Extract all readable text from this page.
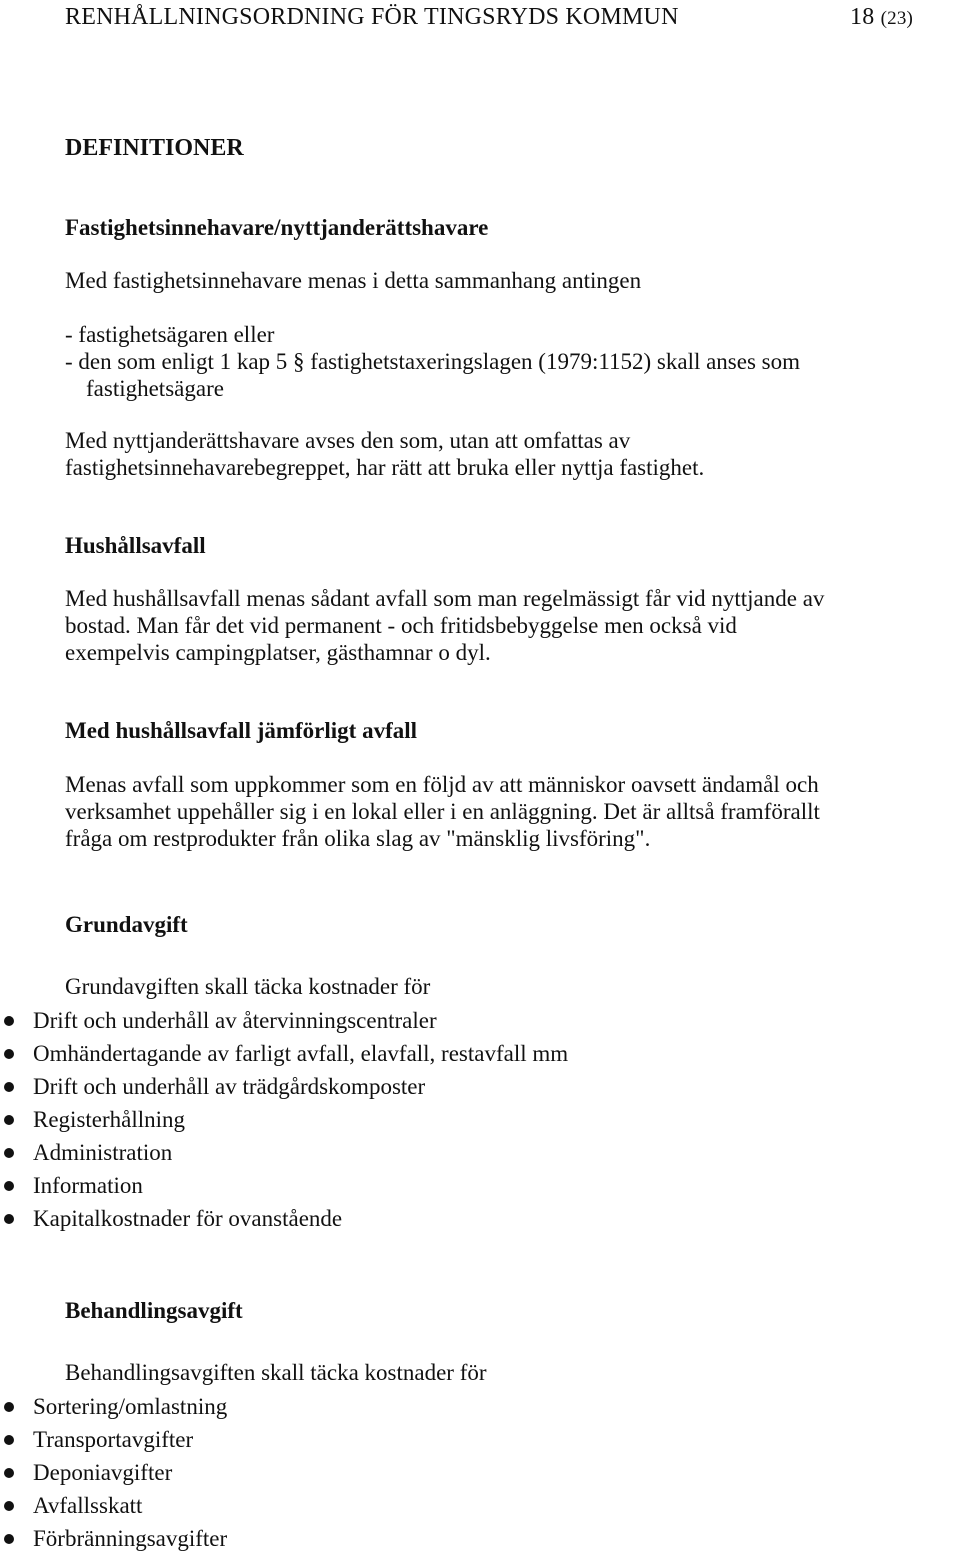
RENHÅLLNINGSORDNING FÖR TINGSRYDS KOMMUN	18 (23)
DEFINITIONER
Fastighetsinnehavare/nyttjanderättshavare
Med fastighetsinnehavare menas i detta sammanhang antingen
- fastighetsägaren eller
- den som enligt 1 kap 5 § fastighetstaxeringslagen (1979:1152) skall anses som
fastighetsägare
Med nyttjanderättshavare avses den som, utan att omfattas av
fastighetsinnehavarebegreppet, har rätt att bruka eller nyttja fastighet.
Hushållsavfall
Med hushållsavfall menas sådant avfall som man regelmässigt får vid nyttjande av
bostad. Man får det vid permanent - och fritidsbebyggelse men också vid
exempelvis campingplatser, gästhamnar o dyl.
Med hushållsavfall jämförligt avfall
Menas avfall som uppkommer som en följd av att människor oavsett ändamål och
verksamhet uppehåller sig i en lokal eller i en anläggning. Det är alltså framförallt
fråga om restprodukter från olika slag av "mänsklig livsföring".
Grundavgift
Grundavgiften skall täcka kostnader för
Drift och underhåll av återvinningscentraler
Omhändertagande av farligt avfall, elavfall, restavfall mm
Drift och underhåll av trädgårdskomposter
Registerhållning
Administration
Information
Kapitalkostnader för ovanstående
Behandlingsavgift
Behandlingsavgiften skall täcka kostnader för
Sortering/omlastning
Transportavgifter
Deponiavgifter
Avfallsskatt
Förbränningsavgifter
